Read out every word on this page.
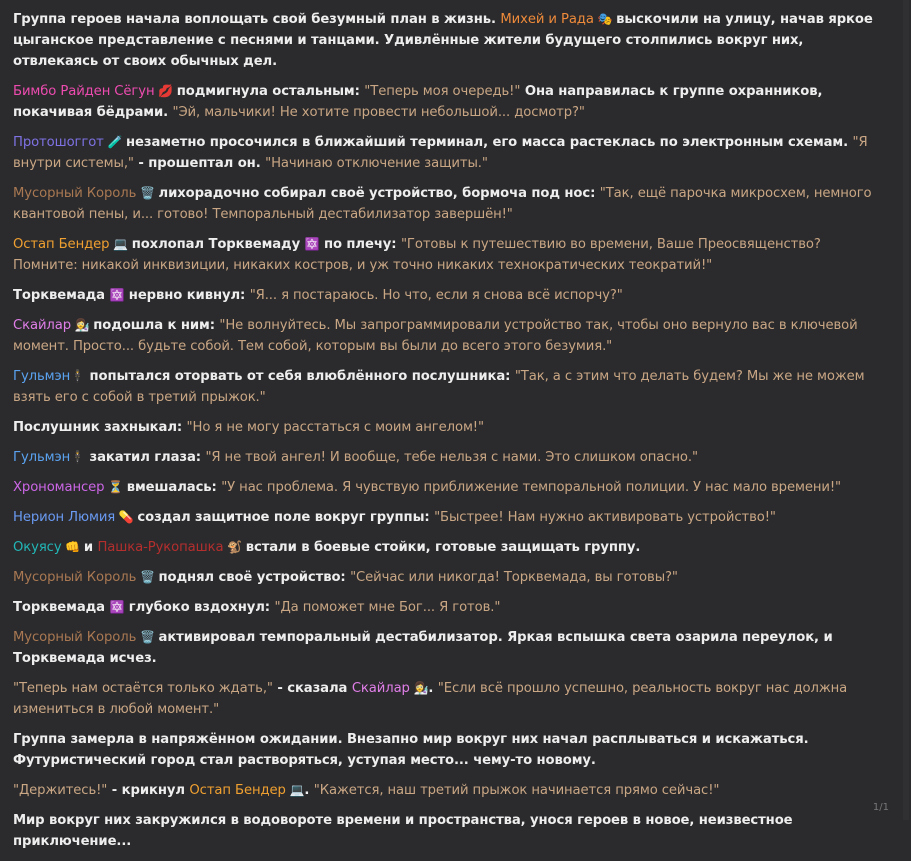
Группа героев начала воплощать свой безумный план в жизнь. Михей и Рада 🎭 выскочили на улицу, начав яркое цыганское представление с песнями и танцами. Удивлённые жители будущего столпились вокруг них, отвлекаясь от своих обычных дел.

Бимбо Райден Сёгун 💋 подмигнула остальным: "Теперь моя очередь!" Она направилась к группе охранников, покачивая бёдрами. "Эй, мальчики! Не хотите провести небольшой... досмотр?"

Протошоггот 🧪 незаметно просочился в ближайший терминал, его масса растеклась по электронным схемам. "Я внутри системы," - прошептал он. "Начинаю отключение защиты."

Мусорный Король 🗑️ лихорадочно собирал своё устройство, бормоча под нос: "Так, ещё парочка микросхем, немного квантовой пены, и... готово! Темпоральный дестабилизатор завершён!"

Остап Бендер 💻 похлопал Торквемаду 🔯 по плечу: "Готовы к путешествию во времени, Ваше Преосвященство? Помните: никакой инквизиции, никаких костров, и уж точно никаких технократических теократий!"

Торквемада 🔯 нервно кивнул: "Я... я постараюсь. Но что, если я снова всё испорчу?"

Скайлар 👩‍🔬 подошла к ним: "Не волнуйтесь. Мы запрограммировали устройство так, чтобы оно вернуло вас в ключевой момент. Просто... будьте собой. Тем собой, которым вы были до всего этого безумия."

Гульмэн🕴 попытался оторвать от себя влюблённого послушника: "Так, а с этим что делать будем? Мы же не можем взять его с собой в третий прыжок."

Послушник захныкал: "Но я не могу расстаться с моим ангелом!"

Гульмэн🕴 закатил глаза: "Я не твой ангел! И вообще, тебе нельзя с нами. Это слишком опасно."

Хрономансер ⏳ вмешалась: "У нас проблема. Я чувствую приближение темпоральной полиции. У нас мало времени!"

Нерион Люмия 💊 создал защитное поле вокруг группы: "Быстрее! Нам нужно активировать устройство!"

Окуясу 👊 и Пашка-Рукопашка 🐒 встали в боевые стойки, готовые защищать группу.

Мусорный Король 🗑️ поднял своё устройство: "Сейчас или никогда! Торквемада, вы готовы?"

Торквемада 🔯 глубоко вздохнул: "Да поможет мне Бог... Я готов."

Мусорный Король 🗑️ активировал темпоральный дестабилизатор. Яркая вспышка света озарила переулок, и Торквемада исчез.

"Теперь нам остаётся только ждать," - сказала Скайлар 👩‍🔬. "Если всё прошло успешно, реальность вокруг нас должна измениться в любой момент."

Группа замерла в напряжённом ожидании. Внезапно мир вокруг них начал расплываться и искажаться. Футуристический город стал растворяться, уступая место... чему-то новому.

"Держитесь!" - крикнул Остап Бендер 💻. "Кажется, наш третий прыжок начинается прямо сейчас!"

Мир вокруг них закружился в водовороте времени и пространства, унося героев в новое, неизвестное приключение...

1/1
